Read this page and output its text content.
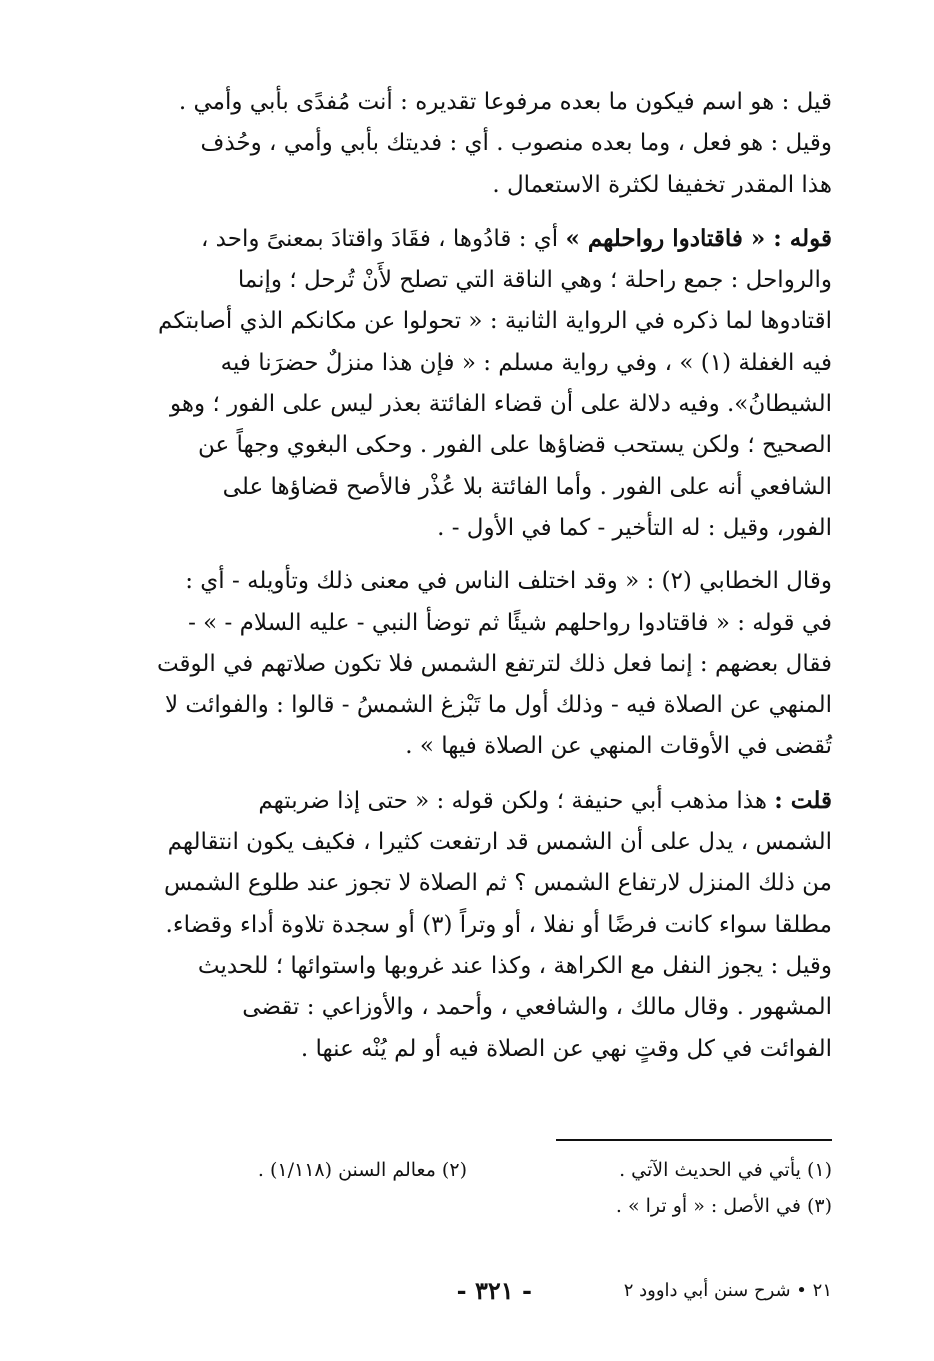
قيل : هو اسم فيكون ما بعده مرفوعا تقديره : أنت مُفدًى بأبي وأمي .

وقيل : هو فعل ، وما بعده منصوب . أي : فديتك بأبي وأمي ، وحُذف

هذا المقدر تخفيفا لكثرة الاستعمال .

قوله : « فاقتادوا رواحلهم » أي : قادُوها ، فقَادَ واقتادَ بمعنىً واحد ،

والرواحل : جمع راحلة ؛ وهي الناقة التي تصلح لأَنْ تُرحل ؛ وإنما

اقتادوها لما ذكره في الرواية الثانية : « تحولوا عن مكانكم الذي أصابتكم

فيه الغفلة (١) » ، وفي رواية مسلم : « فإن هذا منزلٌ حضرَنا فيه

الشيطانُ». وفيه دلالة على أن قضاء الفائتة بعذر ليس على الفور ؛ وهو

الصحيح ؛ ولكن يستحب قضاؤها على الفور . وحكى البغوي وجهاً عن

الشافعي أنه على الفور . وأما الفائتة بلا عُذْر فالأصح قضاؤها على

الفور، وقيل : له التأخير - كما في الأول - .

وقال الخطابي (٢) : « وقد اختلف الناس في معنى ذلك وتأويله - أي :

في قوله : « فاقتادوا رواحلهم شيئًا ثم توضأ النبي - عليه السلام - » -

فقال بعضهم : إنما فعل ذلك لترتفع الشمس فلا تكون صلاتهم في الوقت

المنهي عن الصلاة فيه - وذلك أول ما تَبْزغ الشمسُ - قالوا : والفوائت لا

تُقضى في الأوقات المنهي عن الصلاة فيها » .

قلت : هذا مذهب أبي حنيفة ؛ ولكن قوله : « حتى إذا ضربتهم

الشمس ، يدل على أن الشمس قد ارتفعت كثيرا ، فكيف يكون انتقالهم

من ذلك المنزل لارتفاع الشمس ؟ ثم الصلاة لا تجوز عند طلوع الشمس

مطلقا سواء كانت فرضًا أو نفلا ، أو وتراً (٣) أو سجدة تلاوة أداء وقضاء.

وقيل : يجوز النفل مع الكراهة ، وكذا عند غروبها واستوائها ؛ للحديث

المشهور . وقال مالك ، والشافعي ، وأحمد ، والأوزاعي : تقضى

الفوائت في كل وقتٍ نهي عن الصلاة فيه أو لم يُنْه عنها .

(١) يأتي في الحديث الآتي .
(٢) معالم السنن (١/١١٨) .
(٣) في الأصل : « أو ترا » .
٢١ • شرح سنن أبي داوود ٢
- ٣٢١ -
